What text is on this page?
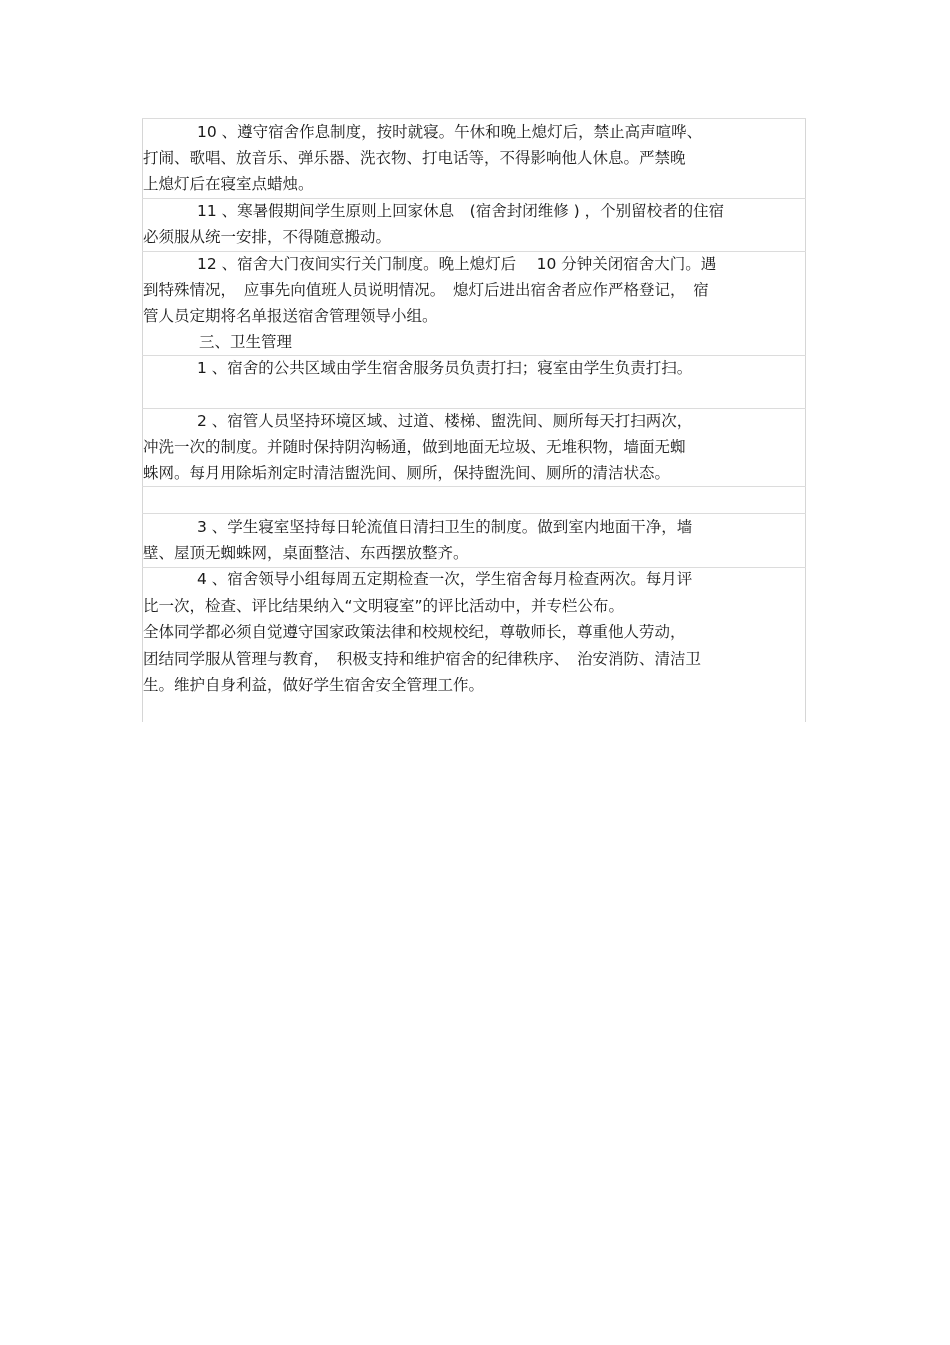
10 、遵守宿舍作息制度，按时就寝。午休和晚上熄灯后，禁止高声喧哗、
打闹、歌唱、放音乐、弹乐器、洗衣物、打电话等，不得影响他人休息。严禁晚
上熄灯后在寝室点蜡烛。
11 、寒暑假期间学生原则上回家休息　(宿舍封闭维修 ) ，个别留校者的住宿
必须服从统一安排，不得随意搬动。
12 、宿舍大门夜间实行关门制度。晚上熄灯后　 10 分钟关闭宿舍大门。遇
到特殊情况，　应事先向值班人员说明情况。　熄灯后进出宿舍者应作严格登记，　宿
管人员定期将名单报送宿舍管理领导小组。
三、卫生管理
1 、宿舍的公共区域由学生宿舍服务员负责打扫；寝室由学生负责打扫。
2 、宿管人员坚持环境区域、过道、楼梯、盥洗间、厕所每天打扫两次，
冲洗一次的制度。并随时保持阴沟畅通，做到地面无垃圾、无堆积物，墙面无蜘
蛛网。每月用除垢剂定时清洁盥洗间、厕所，保持盥洗间、厕所的清洁状态。
3 、学生寝室坚持每日轮流值日清扫卫生的制度。做到室内地面干净，墙
壁、屋顶无蜘蛛网，桌面整洁、东西摆放整齐。
4 、宿舍领导小组每周五定期检查一次，学生宿舍每月检查两次。每月评
比一次，检查、评比结果纳入“文明寝室”的评比活动中，并专栏公布。
全体同学都必须自觉遵守国家政策法律和校规校纪，尊敬师长，尊重他人劳动，
团结同学服从管理与教育，　积极支持和维护宿舍的纪律秩序、　治安消防、清洁卫
生。维护自身利益，做好学生宿舍安全管理工作。
